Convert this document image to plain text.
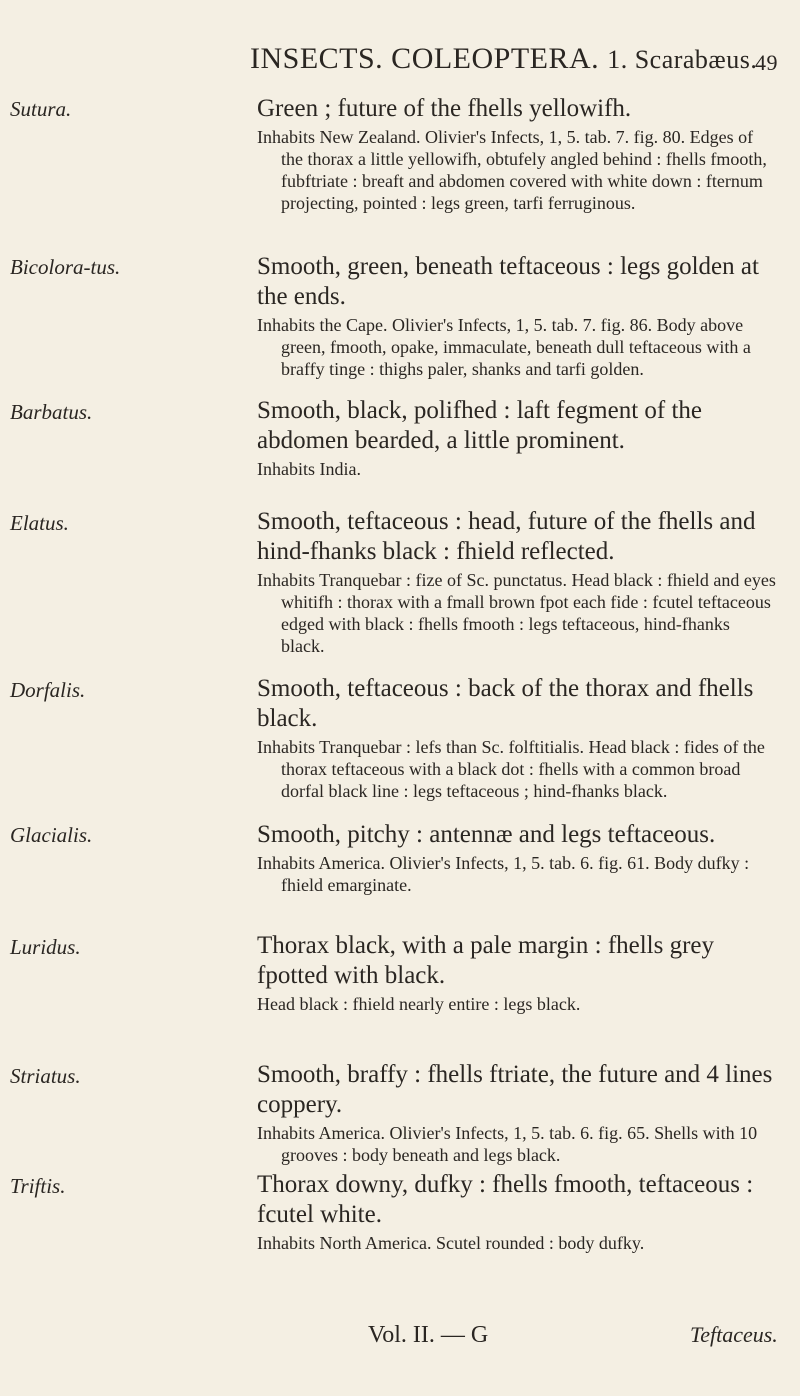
INSECTS. COLEOPTERA. 1. Scarabæus.
49
Sutura.	Green ; future of the fhells yellowifh.

Inhabits New Zealand. Olivier's Infects, 1, 5. tab. 7. fig. 80. Edges of the thorax a little yellowifh, obtufely angled behind : fhells fmooth, fubftriate : breaft and abdomen covered with white down : fternum projecting, pointed : legs green, tarfi ferruginous.

Bicolora-tus.	Smooth, green, beneath teftaceous : legs golden at the ends.

Inhabits the Cape. Olivier's Infects, 1, 5. tab. 7. fig. 86. Body above green, fmooth, opake, immaculate, beneath dull teftaceous with a braffy tinge : thighs paler, shanks and tarfi golden.

Barbatus.	Smooth, black, polifhed : laft fegment of the abdomen bearded, a little prominent.

Inhabits India.

Elatus.	Smooth, teftaceous : head, future of the fhells and hind-fhanks black : fhield reflected.

Inhabits Tranquebar : fize of Sc. punctatus. Head black : fhield and eyes whitifh : thorax with a fmall brown fpot each fide : fcutel teftaceous edged with black : fhells fmooth : legs teftaceous, hind-fhanks black.

Dorfalis.	Smooth, teftaceous : back of the thorax and fhells black.

Inhabits Tranquebar : lefs than Sc. folftitialis. Head black : fides of the thorax teftaceous with a black dot : fhells with a common broad dorfal black line : legs teftaceous ; hind-fhanks black.

Glacialis.	Smooth, pitchy : antennæ and legs teftaceous.

Inhabits America. Olivier's Infects, 1, 5. tab. 6. fig. 61. Body dufky : fhield emarginate.

Luridus.	Thorax black, with a pale margin : fhells grey fpotted with black.

Head black : fhield nearly entire : legs black.

Striatus.	Smooth, braffy : fhells ftriate, the future and 4 lines coppery.

Inhabits America. Olivier's Infects, 1, 5. tab. 6. fig. 65. Shells with 10 grooves : body beneath and legs black.

Triftis.	Thorax downy, dufky : fhells fmooth, teftaceous : fcutel white.

Inhabits North America. Scutel rounded : body dufky.

Vol. II. — G	Teftaceus.
